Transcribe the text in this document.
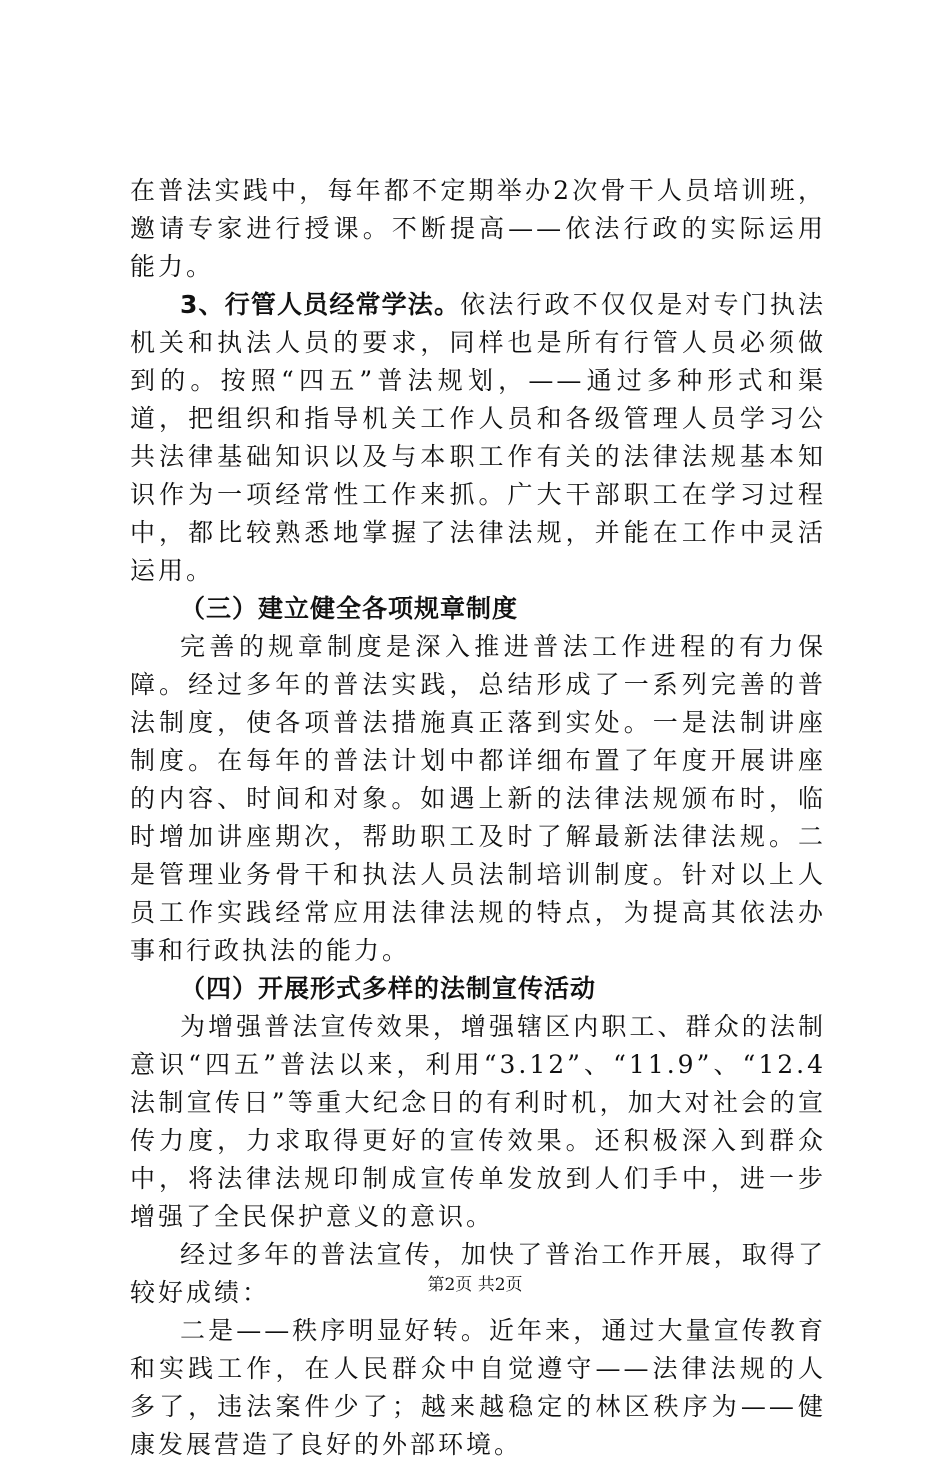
在普法实践中，每年都不定期举办2次骨干人员培训班，邀请专家进行授课。不断提高——依法行政的实际运用能力。

3、行管人员经常学法。依法行政不仅仅是对专门执法机关和执法人员的要求，同样也是所有行管人员必须做到的。按照“四五”普法规划，——通过多种形式和渠道，把组织和指导机关工作人员和各级管理人员学习公共法律基础知识以及与本职工作有关的法律法规基本知识作为一项经常性工作来抓。广大干部职工在学习过程中，都比较熟悉地掌握了法律法规，并能在工作中灵活运用。

（三）建立健全各项规章制度

完善的规章制度是深入推进普法工作进程的有力保障。经过多年的普法实践，总结形成了一系列完善的普法制度，使各项普法措施真正落到实处。一是法制讲座制度。在每年的普法计划中都详细布置了年度开展讲座的内容、时间和对象。如遇上新的法律法规颁布时，临时增加讲座期次，帮助职工及时了解最新法律法规。二是管理业务骨干和执法人员法制培训制度。针对以上人员工作实践经常应用法律法规的特点，为提高其依法办事和行政执法的能力。

（四）开展形式多样的法制宣传活动

为增强普法宣传效果，增强辖区内职工、群众的法制意识“四五”普法以来，利用“3.12”、“11.9”、“12.4法制宣传日”等重大纪念日的有利时机，加大对社会的宣传力度，力求取得更好的宣传效果。还积极深入到群众中，将法律法规印制成宣传单发放到人们手中，进一步增强了全民保护意义的意识。

经过多年的普法宣传，加快了普治工作开展，取得了较好成绩：

二是——秩序明显好转。近年来，通过大量宣传教育和实践工作，在人民群众中自觉遵守——法律法规的人多了，违法案件少了；越来越稳定的林区秩序为——健康发展营造了良好的外部环境。

第2页 共2页
